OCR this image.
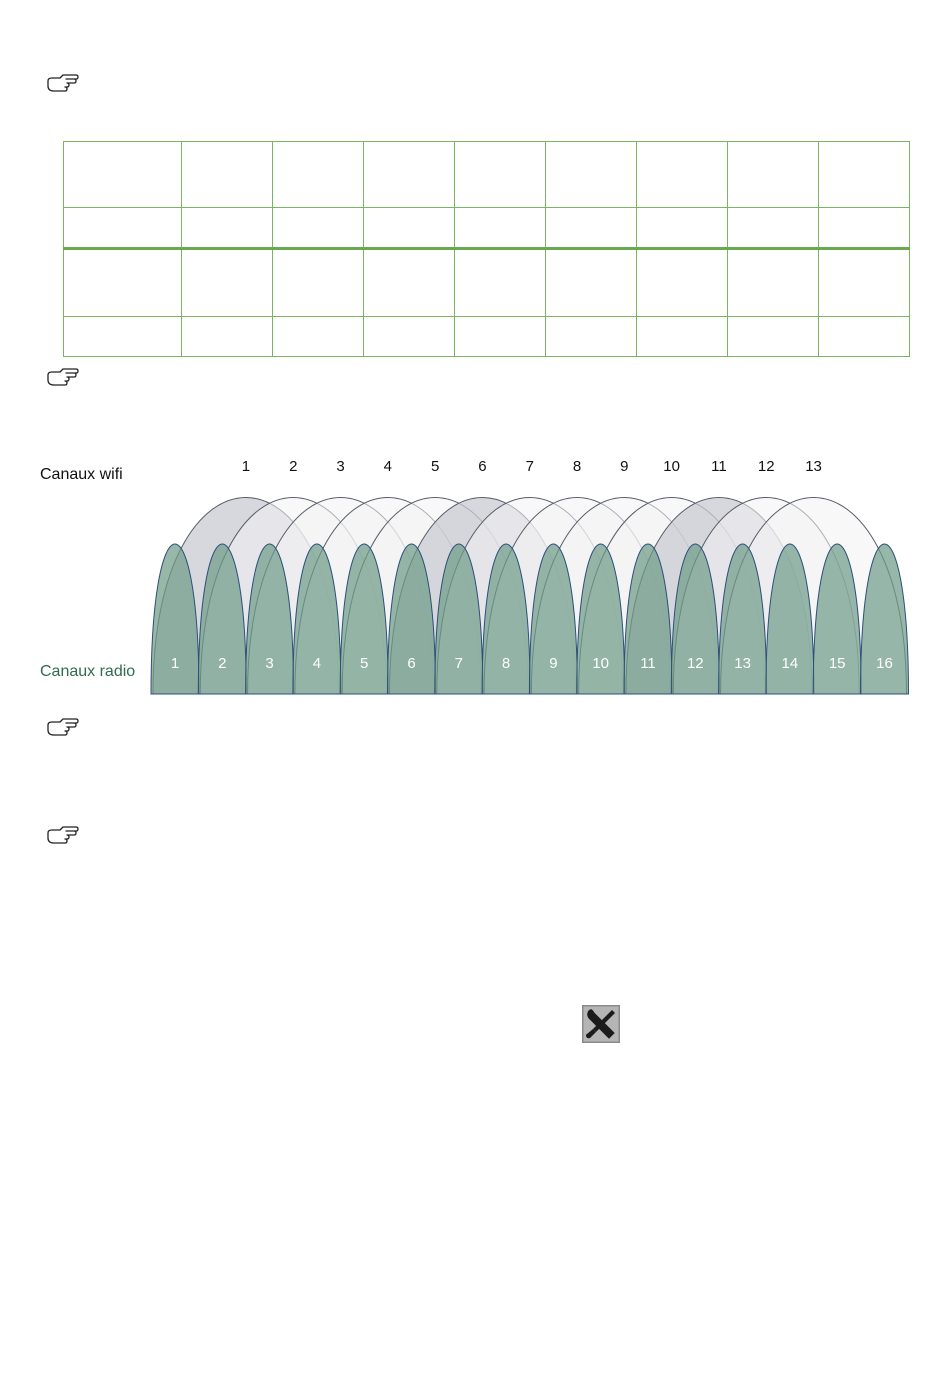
1	2	3	4	5	6	7	8	9 10 11 12 13
1	2	3	4	5	6	7	8	9 10 11 12 13 14 15 16
Canaux wifi
Canaux radio
